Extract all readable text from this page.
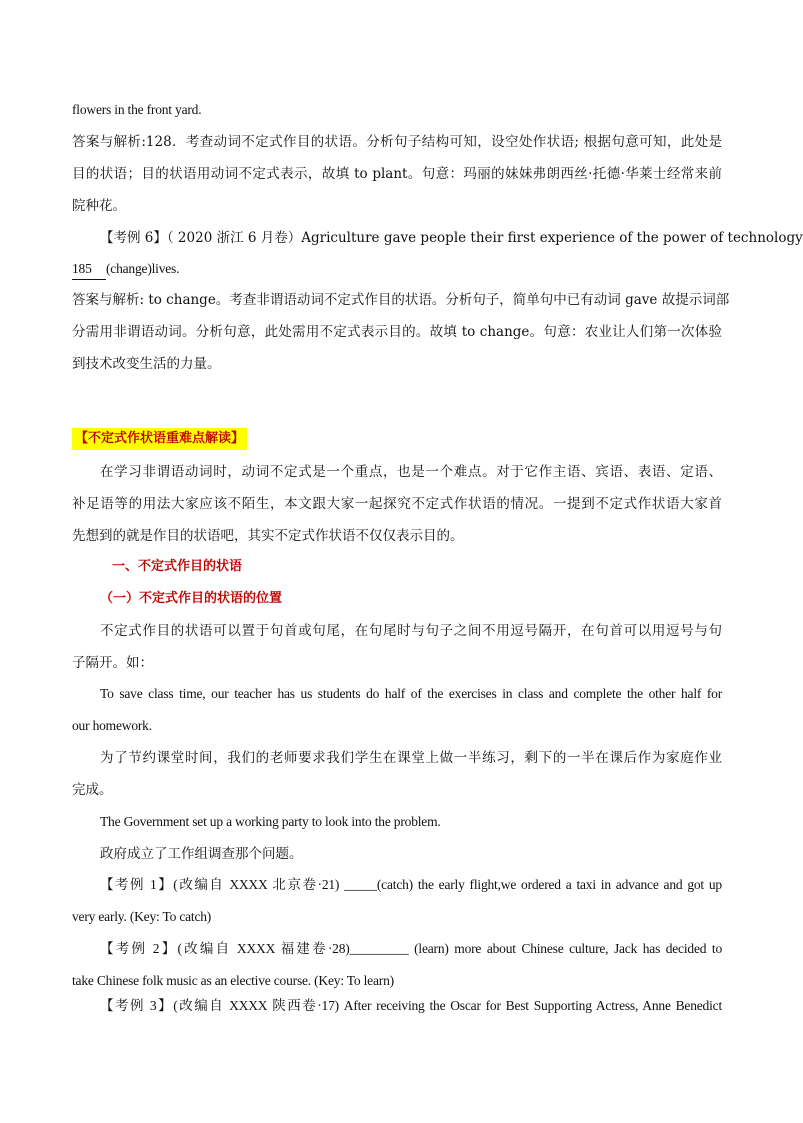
flowers in the front yard.
答案与解析:128．考查动词不定式作目的状语。分析句子结构可知，设空处作状语; 根据句意可知，此处是
目的状语；目的状语用动词不定式表示，故填 to plant。句意：玛丽的妹妹弗朗西丝·托德·华莱士经常来前
院种花。
【考例 6】（ 2020 浙江 6 月卷）Agriculture gave people their first experience of the power of technology
185 (change)lives.
答案与解析: to change。考查非谓语动词不定式作目的状语。分析句子，简单句中已有动词 gave 故提示词部
分需用非谓语动词。分析句意，此处需用不定式表示目的。故填 to change。句意：农业让人们第一次体验
到技术改变生活的力量。
【不定式作状语重难点解读】
在学习非谓语动词时，动词不定式是一个重点，也是一个难点。对于它作主语、宾语、表语、定语、
补足语等的用法大家应该不陌生，本文跟大家一起探究不定式作状语的情况。一提到不定式作状语大家首
先想到的就是作目的状语吧，其实不定式作状语不仅仅表示目的。
一、不定式作目的状语
（一）不定式作目的状语的位置
不定式作目的状语可以置于句首或句尾，在句尾时与句子之间不用逗号隔开，在句首可以用逗号与句
子隔开。如：
To save class time, our teacher has us students do half of the exercises in class and complete the other half for
our homework.
为了节约课堂时间，我们的老师要求我们学生在课堂上做一半练习，剩下的一半在课后作为家庭作业
完成。
The Government set up a working party to look into the problem.
政府成立了工作组调查那个问题。
【考例 1】(改编自 XXXX 北京卷·21) _____(catch) the early flight,we ordered a taxi in advance and got up
very early. (Key: To catch)
【考例 2】(改编自 XXXX 福建卷·28)_________ (learn) more about Chinese culture, Jack has decided to
take Chinese folk music as an elective course. (Key: To learn)
【考例 3】(改编自 XXXX 陕西卷·17) After receiving the Oscar for Best Supporting Actress, Anne Benedict
